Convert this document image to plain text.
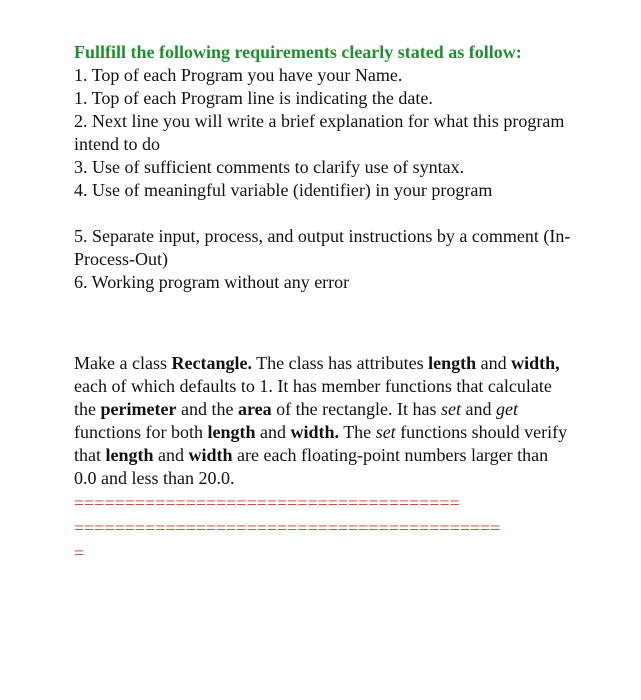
Fullfill the following requirements clearly stated as follow:
1. Top of each Program you have your Name.
1. Top of each Program line is indicating the date.
2. Next line you will write a brief explanation for what this program intend to do
3. Use of sufficient comments to clarify use of syntax.
4. Use of meaningful variable (identifier) in your program
5. Separate input, process, and output instructions by a comment (In-Process-Out)
6. Working program without any error
Make a class Rectangle. The class has attributes length and width, each of which defaults to 1. It has member functions that calculate the perimeter and the area of the rectangle. It has set and get functions for both length and width. The set functions should verify that length and width are each floating-point numbers larger than 0.0 and less than 20.0.
======================================
==========================================
=
